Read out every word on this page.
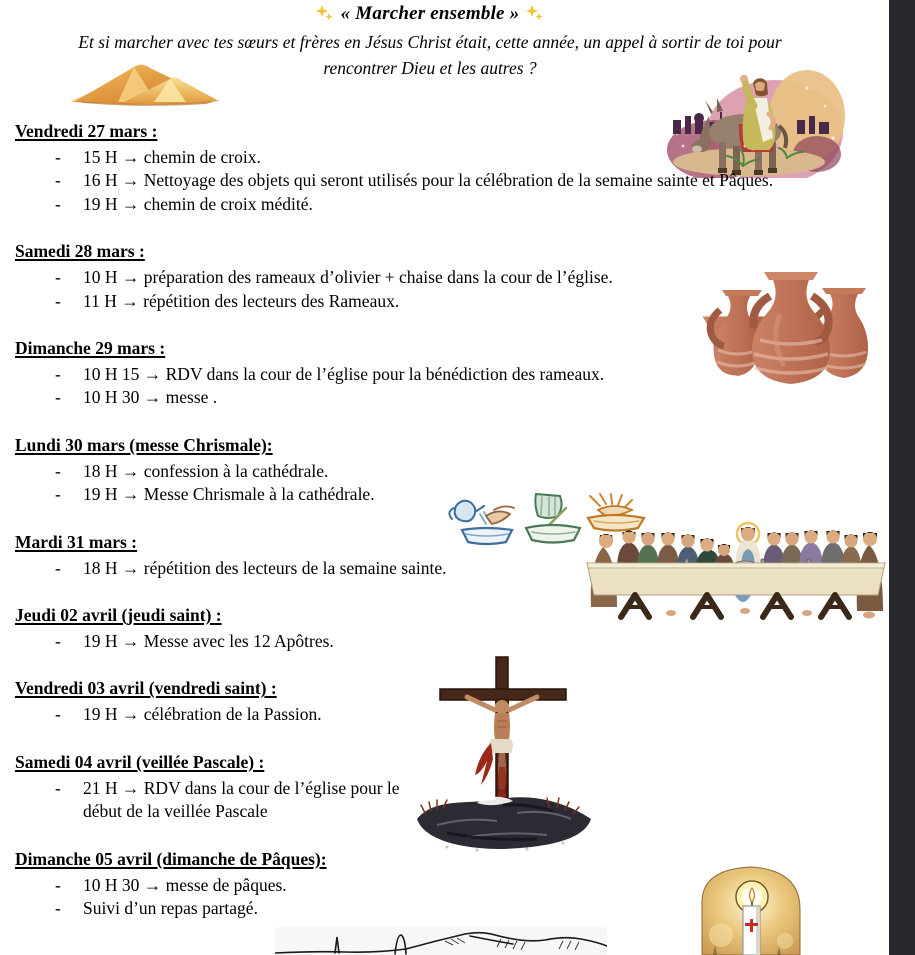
« Marcher ensemble »

Et si marcher avec tes sœurs et frères en Jésus Christ était, cette année, un appel à sortir de toi pour
rencontrer Dieu et les autres ?

Vendredi 27 mars :
-	15 H → chemin de croix.
-	16 H → Nettoyage des objets qui seront utilisés pour la célébration de la semaine sainte et Pâques.
-	19 H → chemin de croix médité.
Samedi 28 mars :
-	10 H → préparation des rameaux d’olivier + chaise dans la cour de l’église.
-	11 H → répétition des lecteurs des Rameaux.
Dimanche 29 mars :
-	10 H 15 → RDV dans la cour de l’église pour la bénédiction des rameaux.
-	10 H 30 → messe .
Lundi 30 mars (messe Chrismale):
-	18 H → confession à la cathédrale.
-	19 H → Messe Chrismale à la cathédrale.
Mardi 31 mars :
-	18 H → répétition des lecteurs de la semaine sainte.
Jeudi 02 avril (jeudi saint) :
-	19 H → Messe avec les 12 Apôtres.
Vendredi 03 avril (vendredi saint) :
-	19 H → célébration de la Passion.
Samedi 04 avril (veillée Pascale) :
-	21 H → RDV dans la cour de l’église pour le début de la veillée Pascale
Dimanche 05 avril (dimanche de Pâques):
-	10 H 30 → messe de pâques.
-	Suivi d’un repas partagé.
